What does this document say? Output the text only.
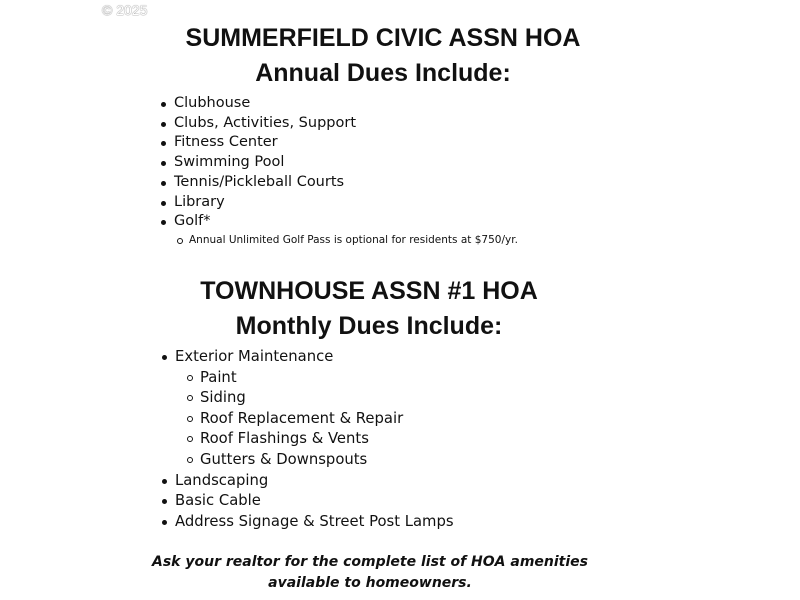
© 2025
SUMMERFIELD CIVIC ASSN HOA
Annual Dues Include:
Clubhouse
Clubs, Activities, Support
Fitness Center
Swimming Pool
Tennis/Pickleball Courts
Library
Golf*
Annual Unlimited Golf Pass is optional for residents at $750/yr.
TOWNHOUSE ASSN #1 HOA
Monthly Dues Include:
Exterior Maintenance
Paint
Siding
Roof Replacement & Repair
Roof Flashings & Vents
Gutters & Downspouts
Landscaping
Basic Cable
Address Signage & Street Post Lamps
Ask your realtor for the complete list of HOA amenities
available to homeowners.
